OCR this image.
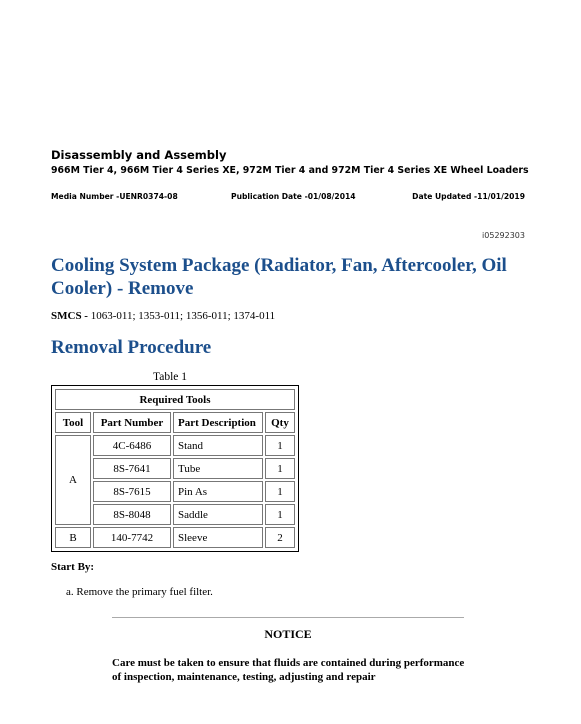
Disassembly and Assembly
966M Tier 4, 966M Tier 4 Series XE, 972M Tier 4 and 972M Tier 4 Series XE Wheel Loaders
Media Number -UENR0374-08	Publication Date -01/08/2014	Date Updated -11/01/2019
i05292303
Cooling System Package (Radiator, Fan, Aftercooler, Oil Cooler) - Remove
SMCS - 1063-011; 1353-011; 1356-011; 1374-011
Removal Procedure
Table 1
Required Tools			
Tool	Part Number	Part Description	Qty
A	4C-6486	Stand	1
	8S-7641	Tube	1
	8S-7615	Pin As	1
	8S-8048	Saddle	1
B	140-7742	Sleeve	2
Start By:
a. Remove the primary fuel filter.
NOTICE
Care must be taken to ensure that fluids are contained during performance of inspection, maintenance, testing, adjusting and repair
